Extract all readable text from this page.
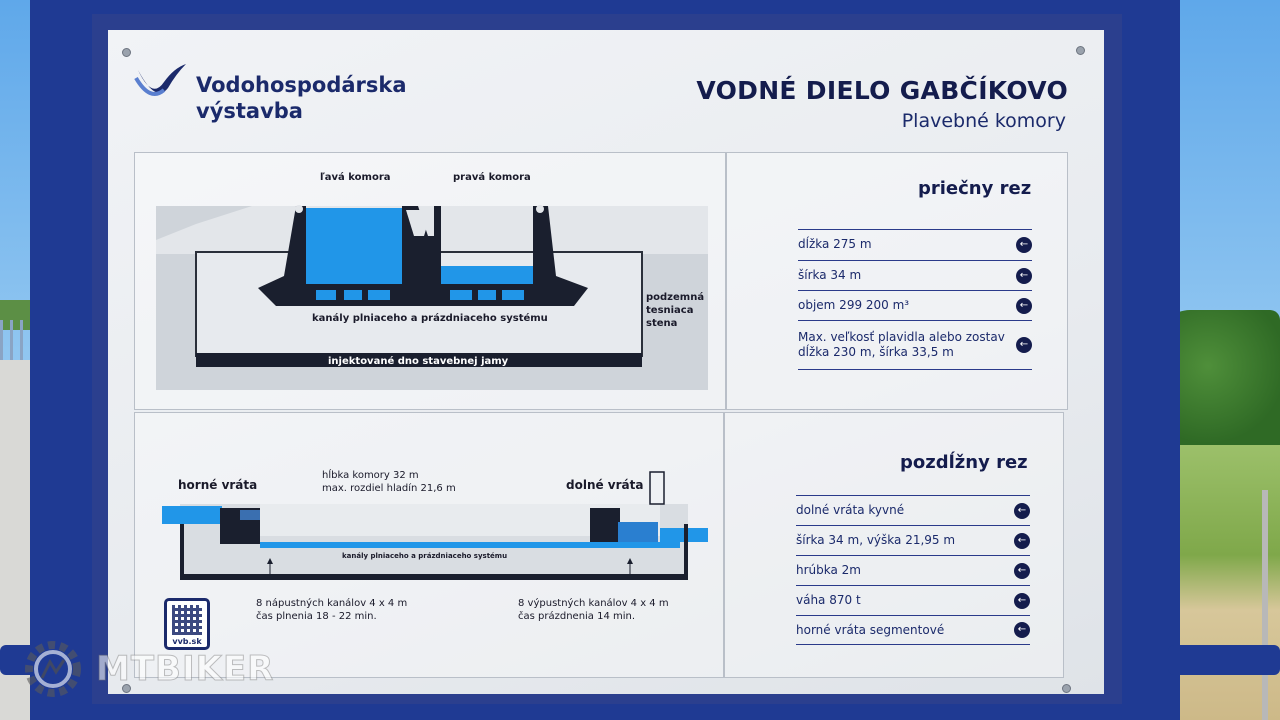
Vodohospodárska
výstavba
VODNÉ DIELO GABČÍKOVO
Plavebné komory
ľavá komora	pravá komora
kanály plniaceho a prázdniaceho systému
podzemná
tesniaca
stena
injektované dno stavebnej jamy
horné vráta	dolné vráta
hĺbka komory 32 m
max. rozdiel hladín 21,6 m
kanály plniaceho a prázdniaceho systému
8 nápustných kanálov 4 x 4 m
čas plnenia 18 - 22 min.
8 výpustných kanálov 4 x 4 m
čas prázdnenia 14 min.
priečny rez
dĺžka 275 m	←
šírka 34 m	←
objem 299 200 m³	←
Max. veľkosť plavidla alebo zostav
dĺžka 230 m, šírka 33,5 m
←
pozdĺžny rez
dolné vráta kyvné	←
šírka 34 m, výška 21,95 m	←
hrúbka 2m	←
váha 870 t	←
horné vráta segmentové	←
vvb.sk
MTBIKER
